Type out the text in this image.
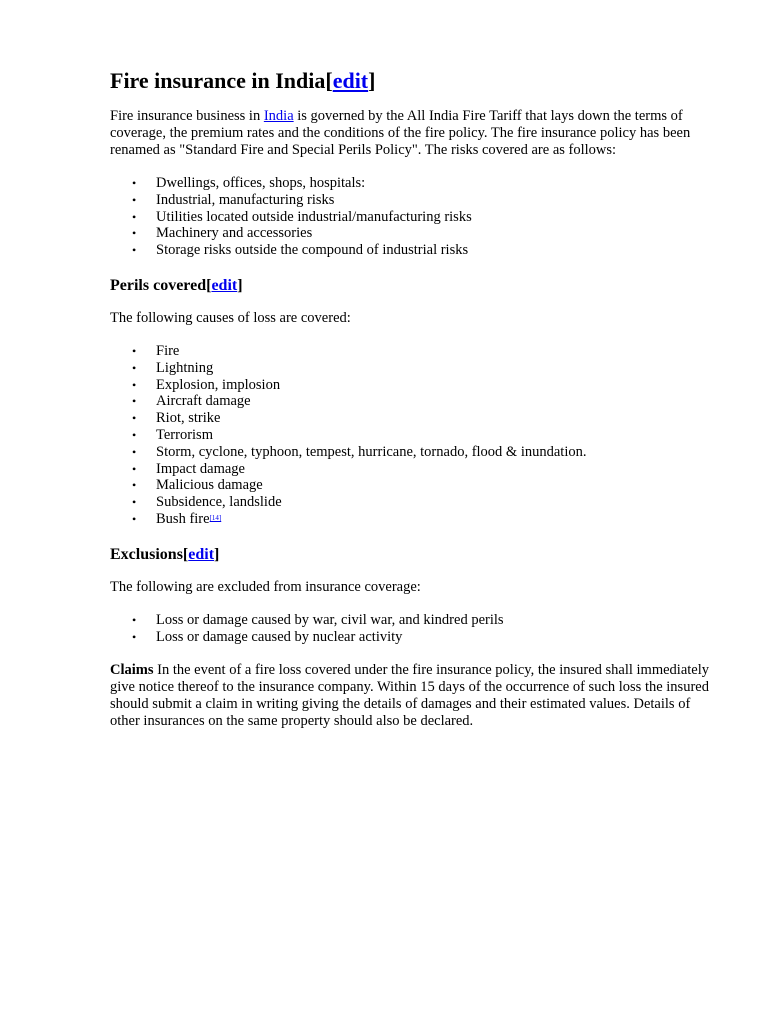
Fire insurance in India[edit]

Fire insurance business in India is governed by the All India Fire Tariff that lays down the terms of coverage, the premium rates and the conditions of the fire policy. The fire insurance policy has been renamed as "Standard Fire and Special Perils Policy". The risks covered are as follows:

• Dwellings, offices, shops, hospitals:
• Industrial, manufacturing risks
• Utilities located outside industrial/manufacturing risks
• Machinery and accessories
• Storage risks outside the compound of industrial risks
Perils covered[edit]

The following causes of loss are covered:

• Fire
• Lightning
• Explosion, implosion
• Aircraft damage
• Riot, strike
• Terrorism
• Storm, cyclone, typhoon, tempest, hurricane, tornado, flood & inundation.
• Impact damage
• Malicious damage
• Subsidence, landslide
• Bush fire[14]
Exclusions[edit]

The following are excluded from insurance coverage:

• Loss or damage caused by war, civil war, and kindred perils
• Loss or damage caused by nuclear activity

Claims In the event of a fire loss covered under the fire insurance policy, the insured shall immediately give notice thereof to the insurance company. Within 15 days of the occurrence of such loss the insured should submit a claim in writing giving the details of damages and their estimated values. Details of other insurances on the same property should also be declared.
